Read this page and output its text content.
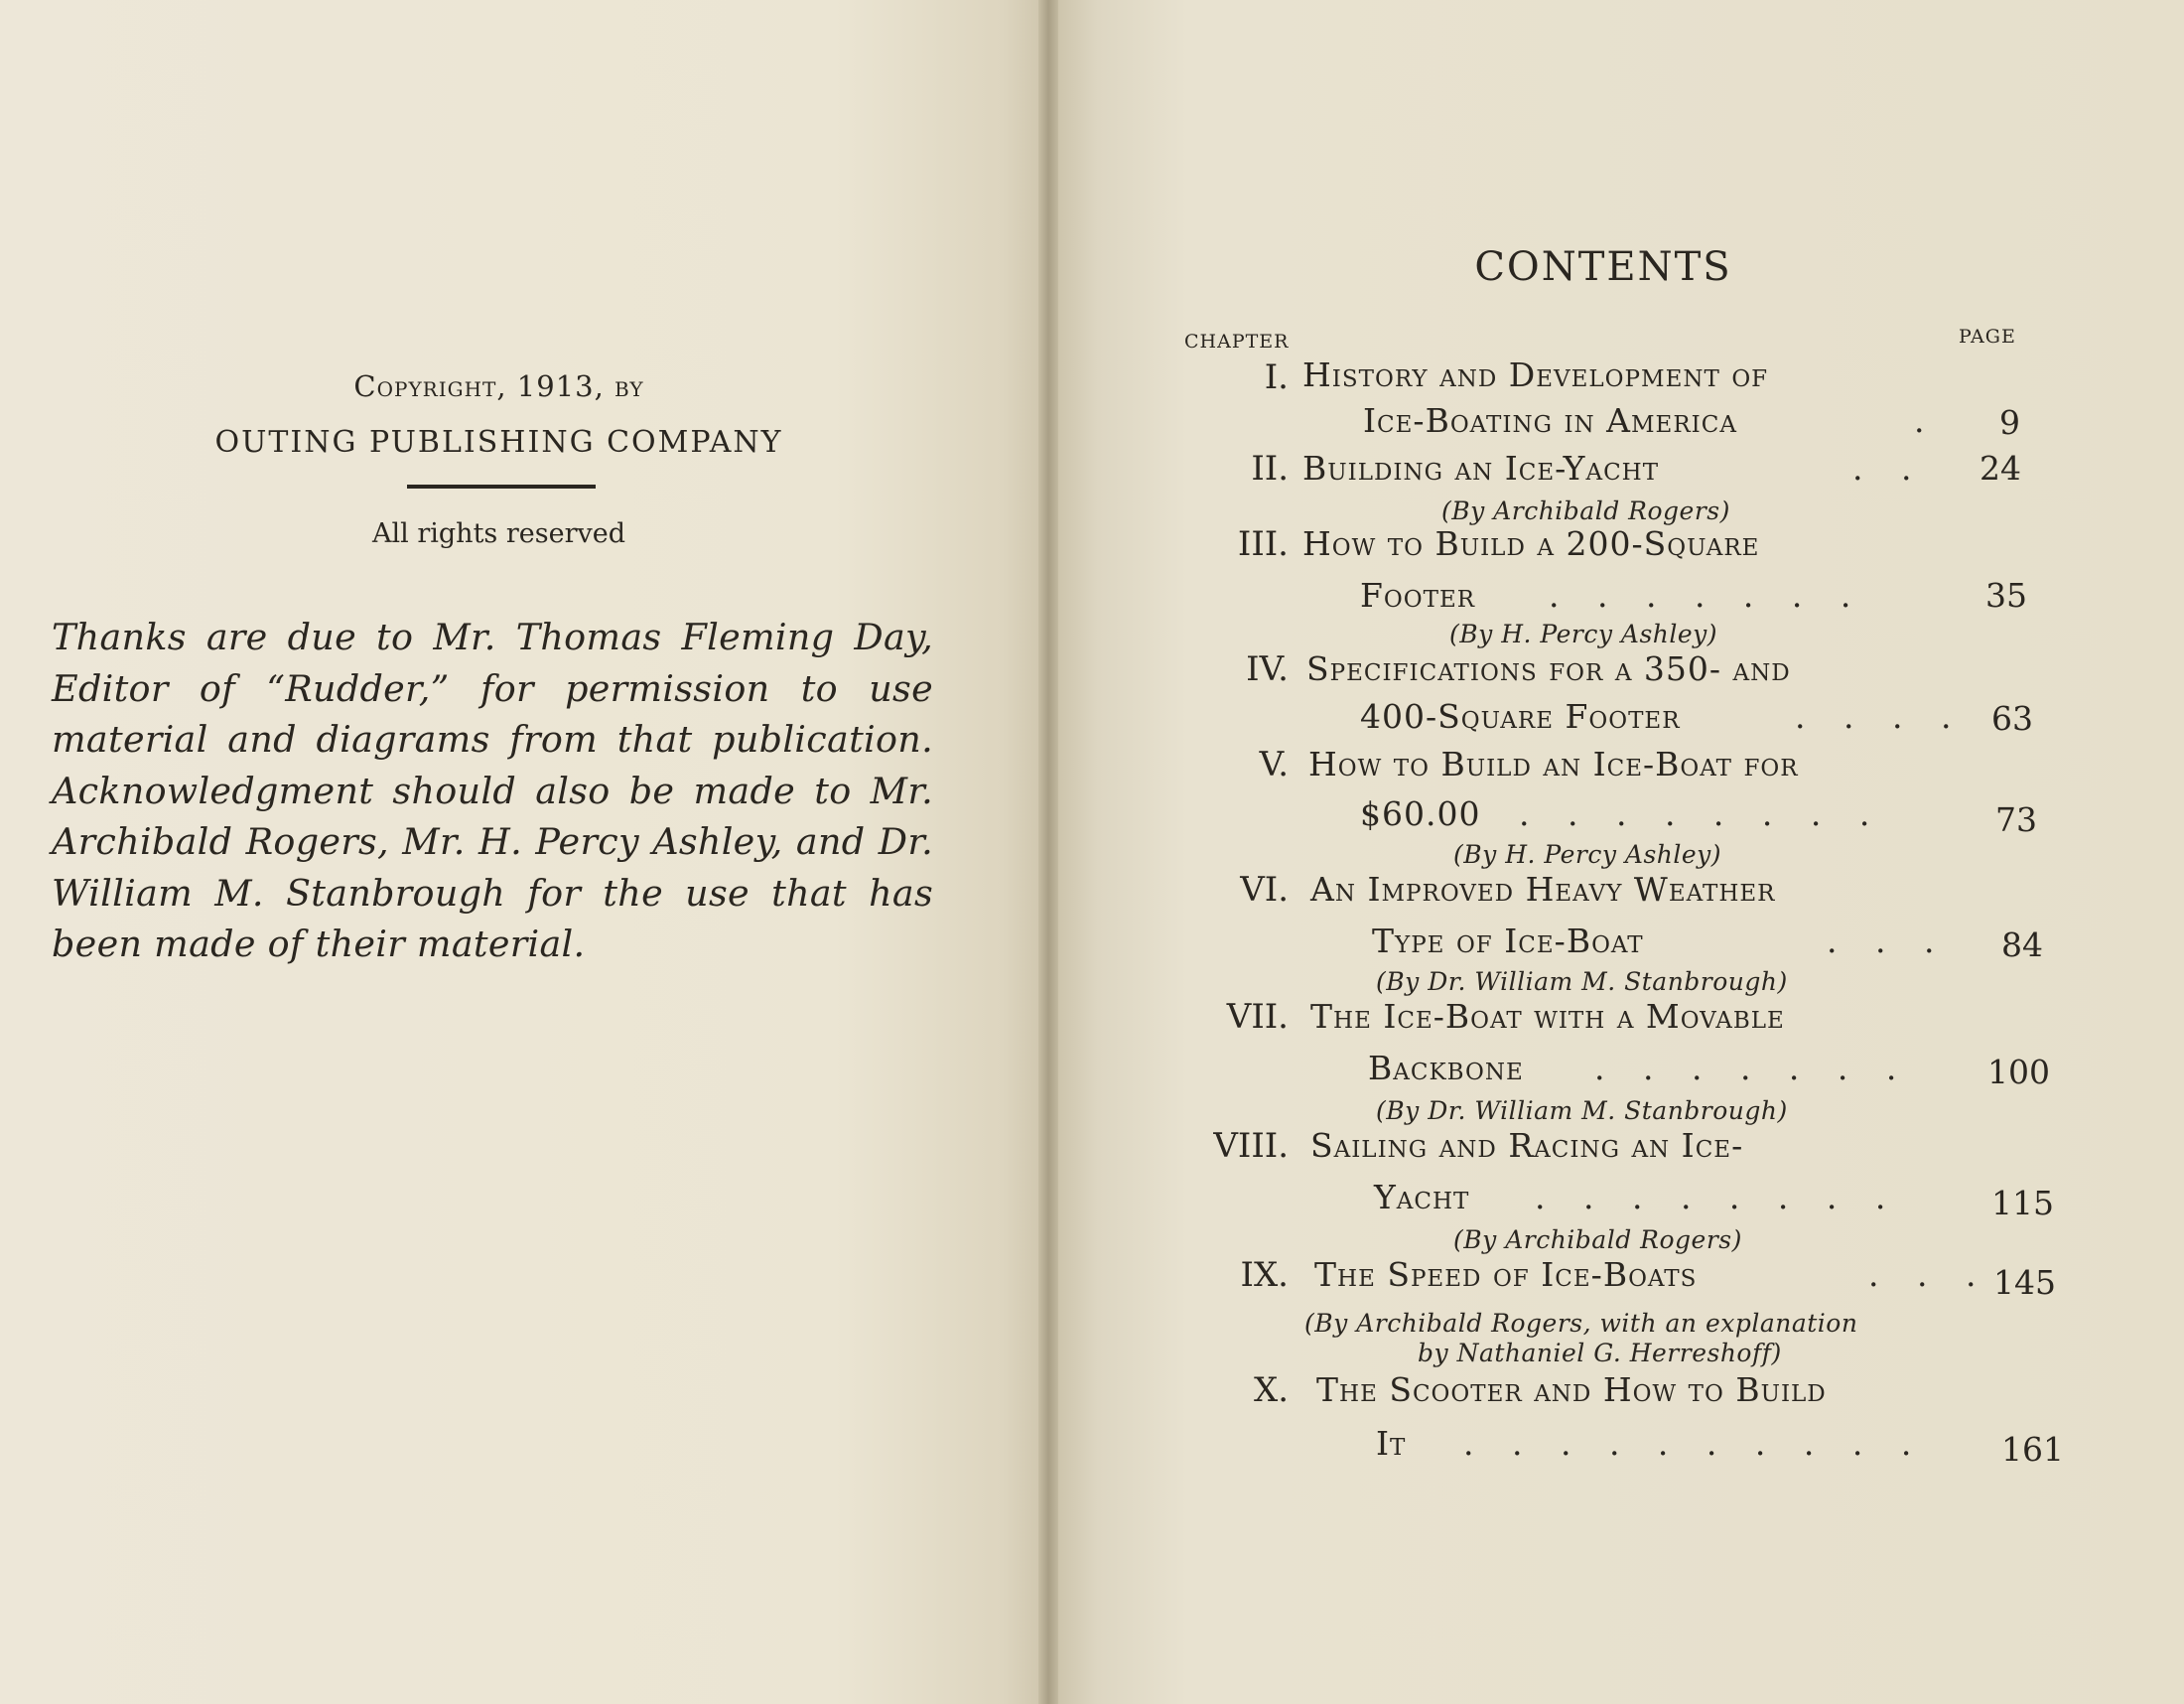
Copyright, 1913, by
OUTING PUBLISHING COMPANY
All rights reserved

Thanks are due to Mr. Thomas Fleming Day, Editor of “Rudder,” for permission to use material and diagrams from that publication. Acknowledgment should also be made to Mr. Archibald Rogers, Mr. H. Percy Ashley, and Dr. William M. Stanbrough for the use that has been made of their material.

CONTENTS
CHAPTER	PAGE
I. History and Development of
Ice-Boating in America	. 9
II. Building an Ice-Yacht	. . 24
(By Archibald Rogers)
III. How to Build a 200-Square
Footer . . . . . . .	35
(By H. Percy Ashley)
IV. Specifications for a 350- and
400-Square Footer	. . . . 63
V. How to Build an Ice-Boat for
$60.00 . . . . . . . .	73
(By H. Percy Ashley)
VI. An Improved Heavy Weather
Type of Ice-Boat	. . . 84
(By Dr. William M. Stanbrough)
VII. The Ice-Boat with a Movable
Backbone . . . . . . . 100
(By Dr. William M. Stanbrough)
VIII. Sailing and Racing an Ice-
Yacht . . . . . . . .	115
(By Archibald Rogers)
IX. The Speed of Ice-Boats	. . . 145
(By Archibald Rogers, with an explanation
by Nathaniel G. Herreshoff)
X. The Scooter and How to Build
It . . . . . . . . . . 161
